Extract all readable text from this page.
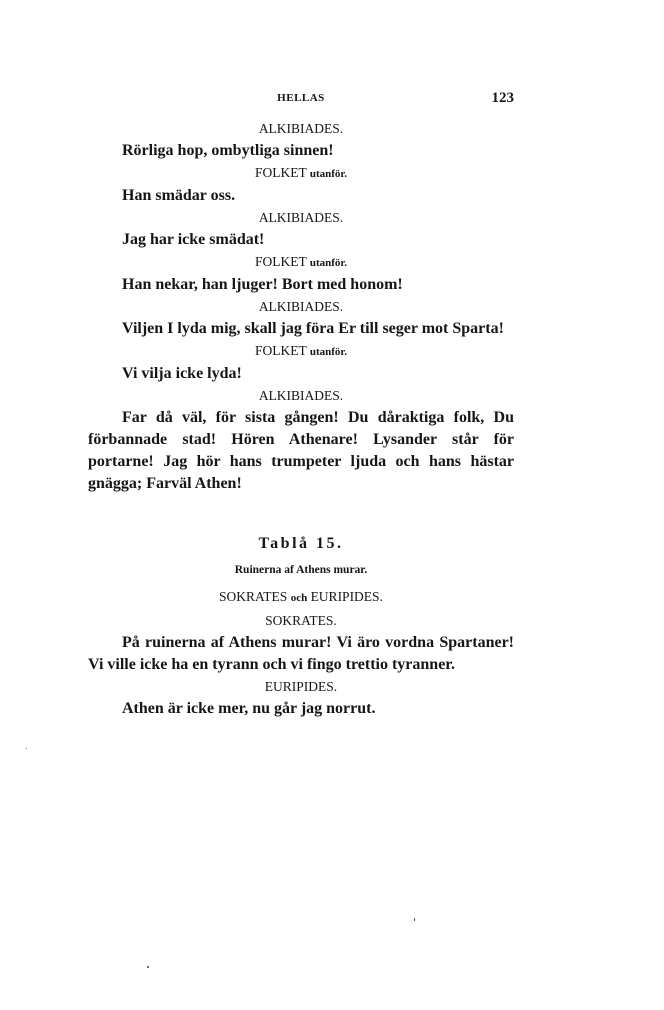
HELLAS	123

ALKIBIADES.

Rörliga hop, ombytliga sinnen!

FOLKET utanför.

Han smädar oss.

ALKIBIADES.

Jag har icke smädat!

FOLKET utanför.

Han nekar, han ljuger! Bort med honom!

ALKIBIADES.

Viljen I lyda mig, skall jag föra Er till seger mot Sparta!

FOLKET utanför.

Vi vilja icke lyda!

ALKIBIADES.

Far då väl, för sista gången! Du dåraktiga folk, Du förbannade stad! Hören Athenare! Lysander står för portarne! Jag hör hans trumpeter ljuda och hans hästar gnägga; Farväl Athen!

Tablå 15.

Ruinerna af Athens murar.

SOKRATES och EURIPIDES.

SOKRATES.

På ruinerna af Athens murar! Vi äro vordna Spartaner! Vi ville icke ha en tyrann och vi fingo trettio tyranner.

EURIPIDES.

Athen är icke mer, nu går jag norrut.
